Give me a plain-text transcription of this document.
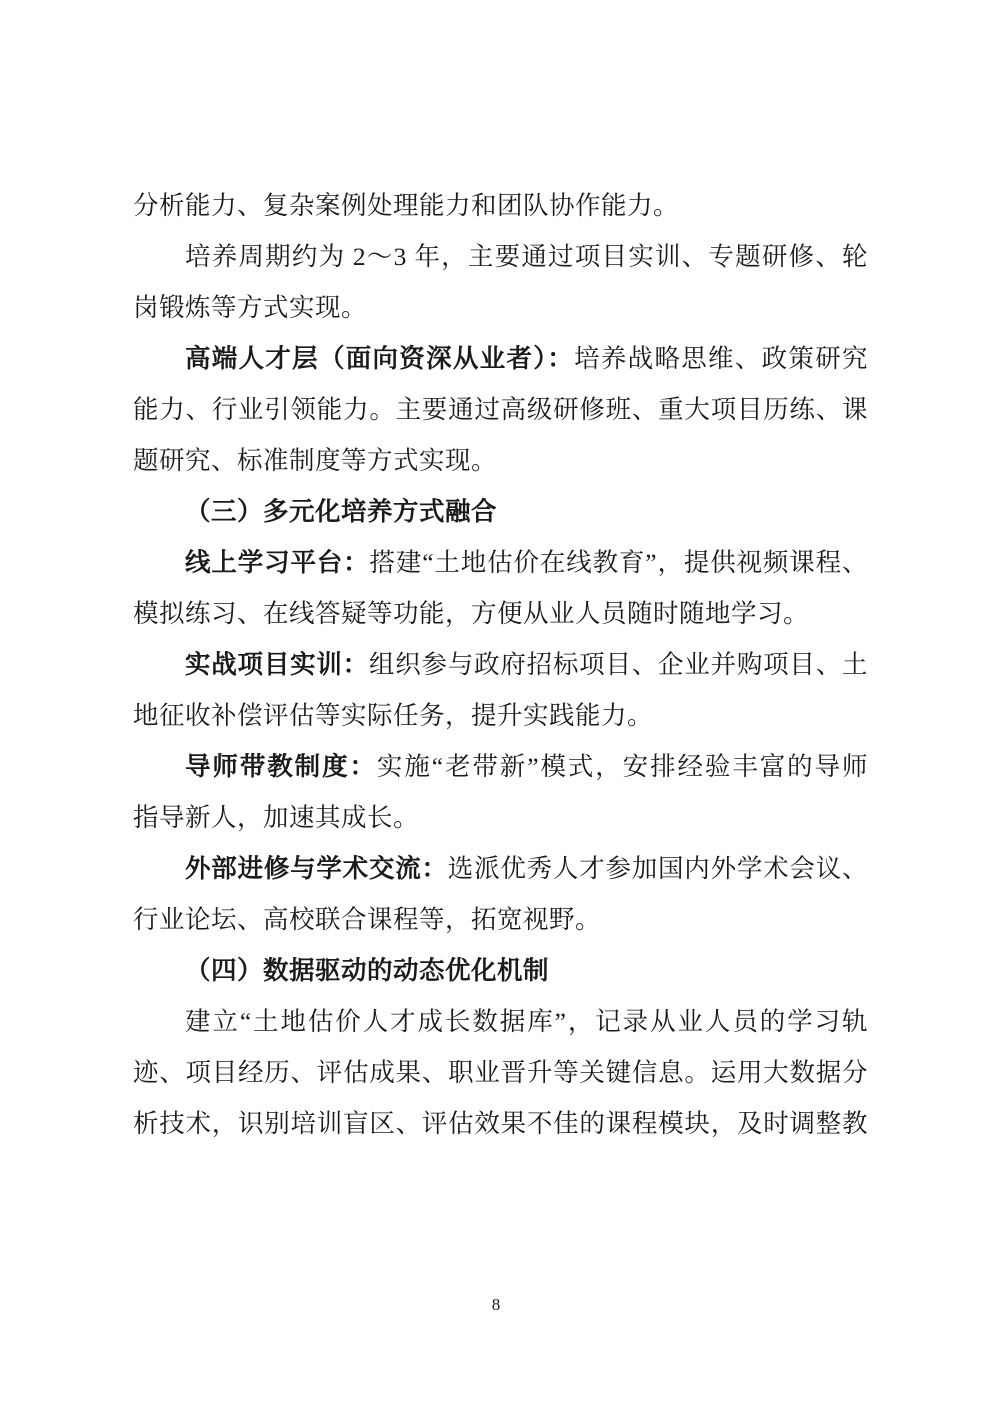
分析能力、复杂案例处理能力和团队协作能力。
培养周期约为 2～3 年，主要通过项目实训、专题研修、轮
岗锻炼等方式实现。
高端人才层（面向资深从业者）：培养战略思维、政策研究
能力、行业引领能力。主要通过高级研修班、重大项目历练、课
题研究、标准制度等方式实现。
（三）多元化培养方式融合
线上学习平台：搭建“土地估价在线教育”，提供视频课程、
模拟练习、在线答疑等功能，方便从业人员随时随地学习。
实战项目实训：组织参与政府招标项目、企业并购项目、土
地征收补偿评估等实际任务，提升实践能力。
导师带教制度：实施“老带新”模式，安排经验丰富的导师
指导新人，加速其成长。
外部进修与学术交流：选派优秀人才参加国内外学术会议、
行业论坛、高校联合课程等，拓宽视野。
（四）数据驱动的动态优化机制
建立“土地估价人才成长数据库”，记录从业人员的学习轨
迹、项目经历、评估成果、职业晋升等关键信息。运用大数据分
析技术，识别培训盲区、评估效果不佳的课程模块，及时调整教
8
